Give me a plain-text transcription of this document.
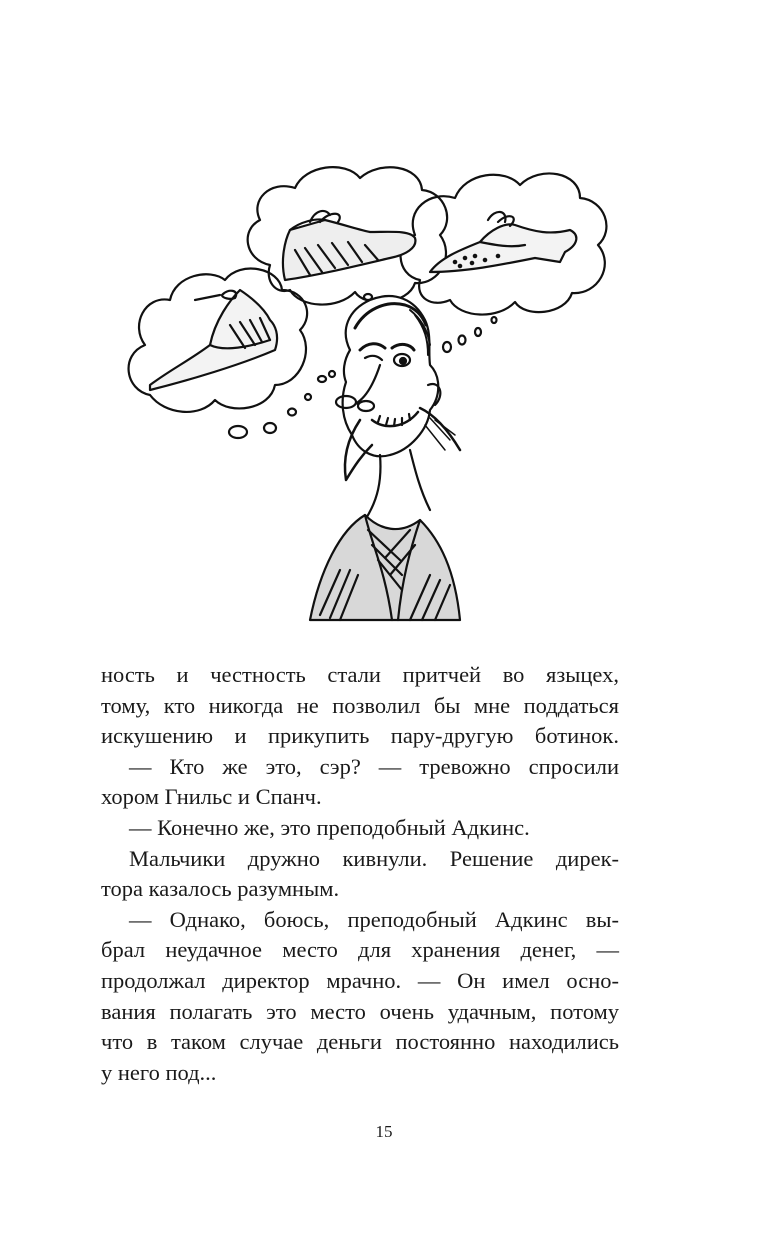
ность и честность стали притчей во языцех,
тому, кто никогда не позволил бы мне поддаться
искушению и прикупить пару-другую ботинок.
— Кто же это, сэр? — тревожно спросили
хором Гнильс и Спанч.
— Конечно же, это преподобный Адкинс.
Мальчики дружно кивнули. Решение дирек-
тора казалось разумным.
— Однако, боюсь, преподобный Адкинс вы-
брал неудачное место для хранения денег, —
продолжал директор мрачно. — Он имел осно-
вания полагать это место очень удачным, потому
что в таком случае деньги постоянно находились
у него под...
15
